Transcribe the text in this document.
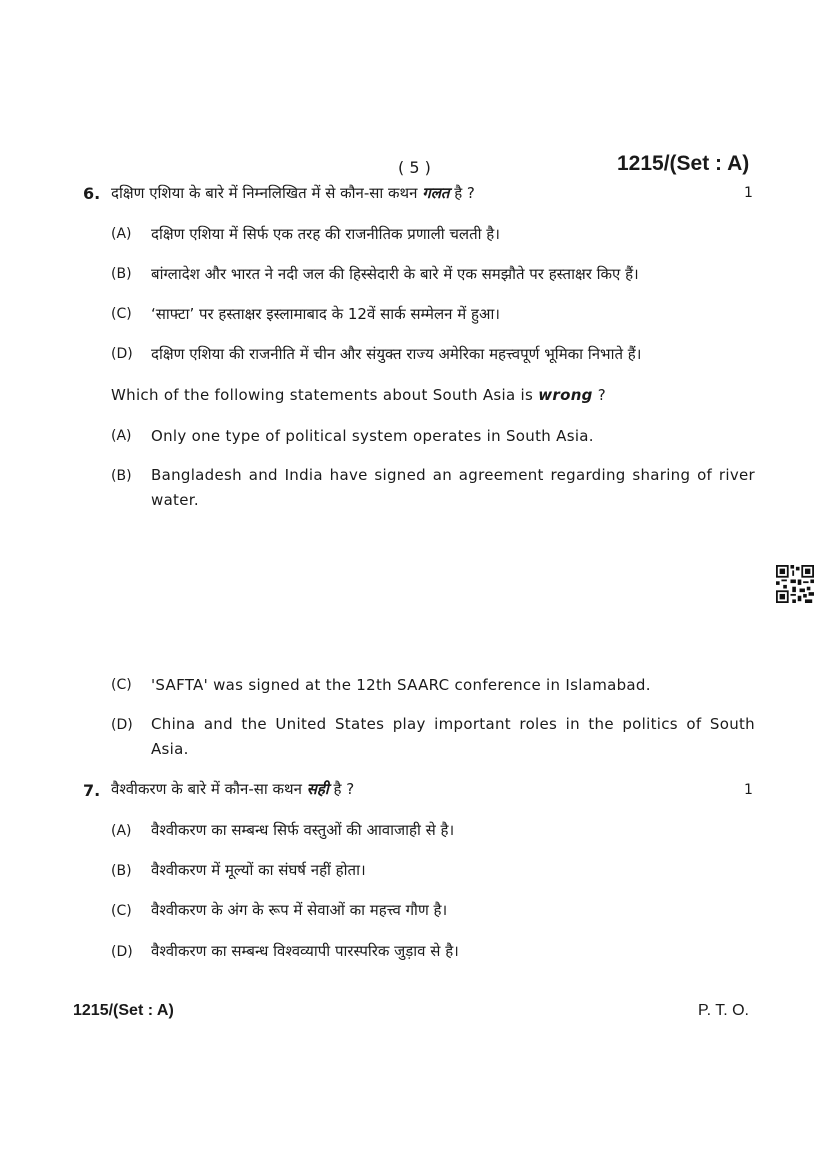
( 5 )	1215/(Set : A)
6. दक्षिण एशिया के बारे में निम्नलिखित में से कौन-सा कथन गलत है ?	1
(A) दक्षिण एशिया में सिर्फ एक तरह की राजनीतिक प्रणाली चलती है।
(B) बांग्लादेश और भारत ने नदी जल की हिस्सेदारी के बारे में एक समझौते पर हस्ताक्षर किए हैं।
(C) ‘साफ्टा’ पर हस्ताक्षर इस्लामाबाद के 12वें सार्क सम्मेलन में हुआ।
(D) दक्षिण एशिया की राजनीति में चीन और संयुक्त राज्य अमेरिका महत्त्वपूर्ण भूमिका निभाते हैं।
Which of the following statements about South Asia is wrong ?
(A) Only one type of political system operates in South Asia.
(B) Bangladesh and India have signed an agreement regarding sharing of river water.
(C) 'SAFTA' was signed at the 12th SAARC conference in Islamabad.
(D) China and the United States play important roles in the politics of South Asia.
7. वैश्वीकरण के बारे में कौन-सा कथन सही है ?	1
(A) वैश्वीकरण का सम्बन्ध सिर्फ वस्तुओं की आवाजाही से है।
(B) वैश्वीकरण में मूल्यों का संघर्ष नहीं होता।
(C) वैश्वीकरण के अंग के रूप में सेवाओं का महत्त्व गौण है।
(D) वैश्वीकरण का सम्बन्ध विश्वव्यापी पारस्परिक जुड़ाव से है।
1215/(Set : A)	P. T. O.
